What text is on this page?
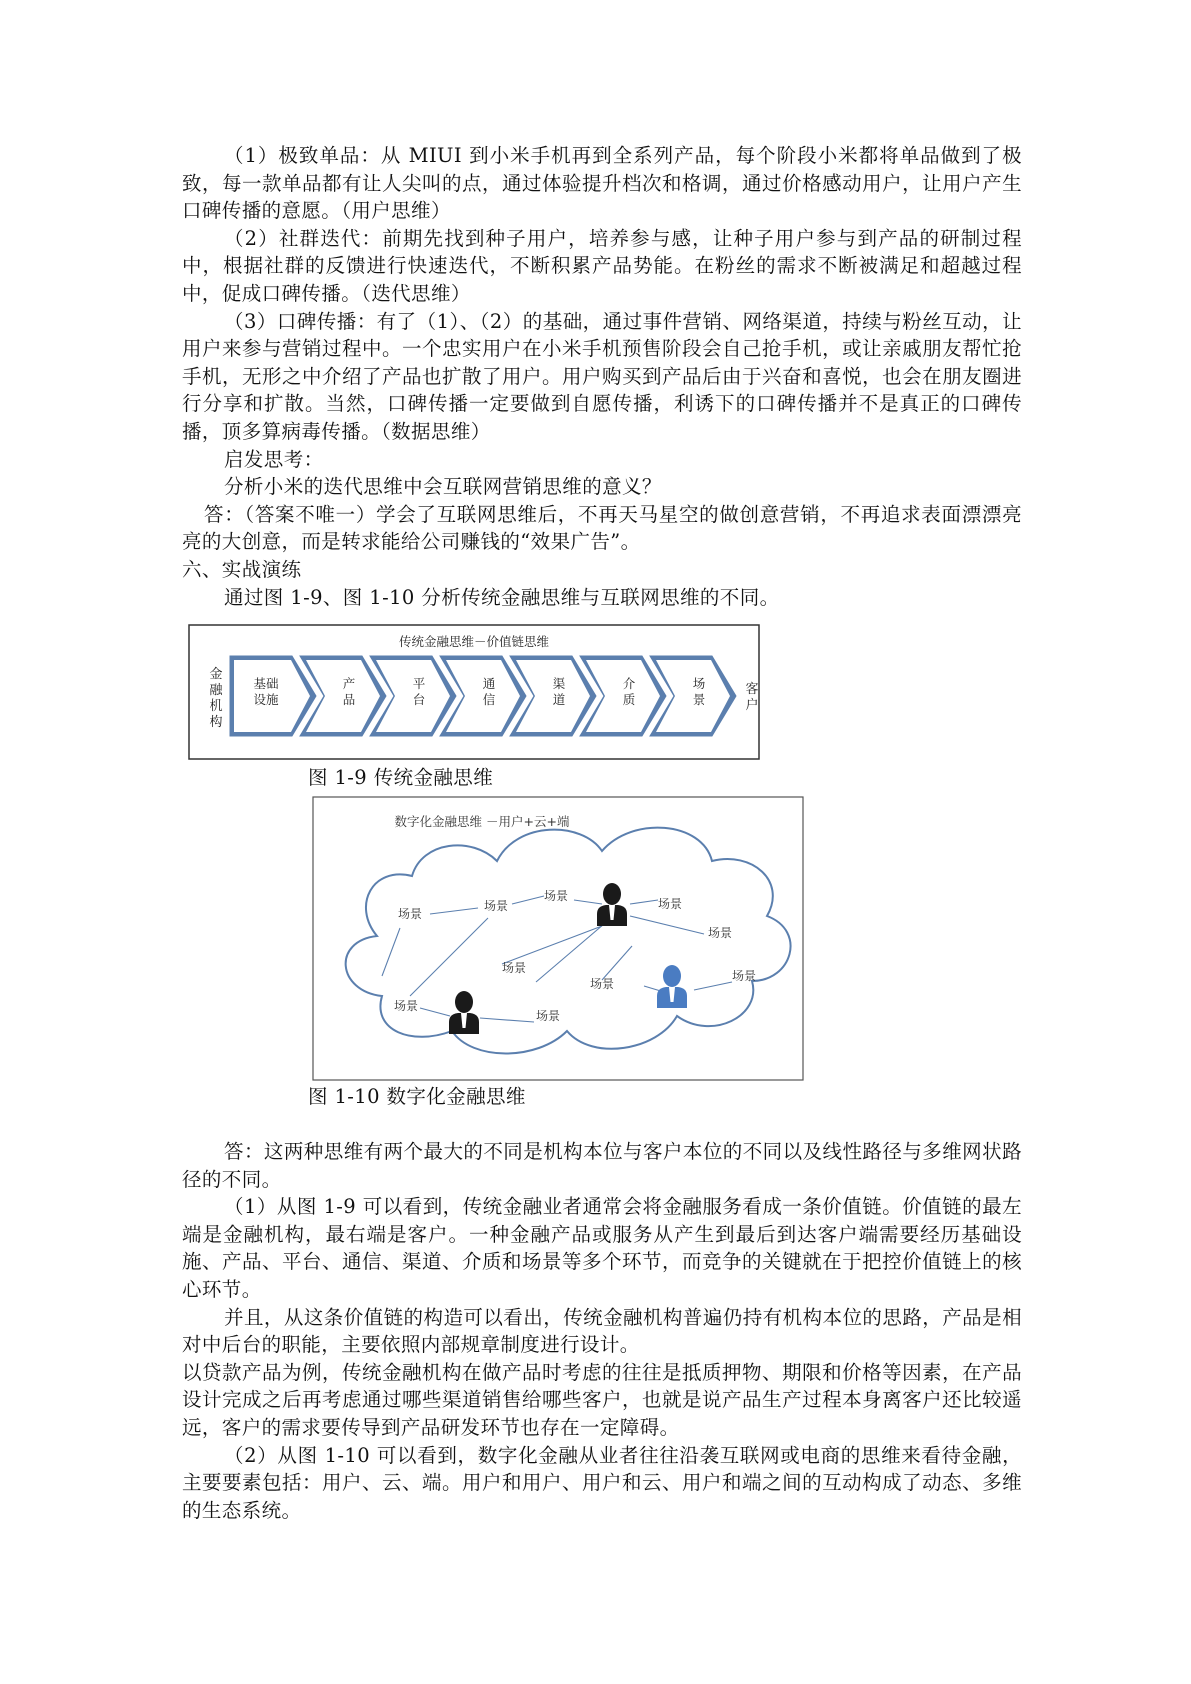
（1）极致单品：从 MIUI 到小米手机再到全系列产品，每个阶段小米都将单品做到了极致，每一款单品都有让人尖叫的点，通过体验提升档次和格调，通过价格感动用户，让用户产生口碑传播的意愿。（用户思维）

（2）社群迭代：前期先找到种子用户，培养参与感，让种子用户参与到产品的研制过程中，根据社群的反馈进行快速迭代，不断积累产品势能。在粉丝的需求不断被满足和超越过程中，促成口碑传播。（迭代思维）

（3）口碑传播：有了（1）、（2）的基础，通过事件营销、网络渠道，持续与粉丝互动，让用户来参与营销过程中。一个忠实用户在小米手机预售阶段会自己抢手机，或让亲戚朋友帮忙抢手机，无形之中介绍了产品也扩散了用户。用户购买到产品后由于兴奋和喜悦，也会在朋友圈进行分享和扩散。当然，口碑传播一定要做到自愿传播，利诱下的口碑传播并不是真正的口碑传播，顶多算病毒传播。（数据思维）

启发思考：

分析小米的迭代思维中会互联网营销思维的意义？

答：（答案不唯一）学会了互联网思维后，不再天马星空的做创意营销，不再追求表面漂漂亮亮的大创意，而是转求能给公司赚钱的“效果广告”。

六、实战演练

通过图 1-9、图 1-10 分析传统金融思维与互联网思维的不同。

传统金融思维－价值链思维
金
融
机
构
基础
设施
产
品
平
台
通
信
渠
道
介
质
场
景
客
户
图 1-9 传统金融思维
数字化金融思维 －用户+云+端
场景
场景
场景
场景
场景
场景
场景
场景
场景
场景
图 1-10 数字化金融思维

答：这两种思维有两个最大的不同是机构本位与客户本位的不同以及线性路径与多维网状路径的不同。

（1）从图 1-9 可以看到，传统金融业者通常会将金融服务看成一条价值链。价值链的最左端是金融机构，最右端是客户。一种金融产品或服务从产生到最后到达客户端需要经历基础设施、产品、平台、通信、渠道、介质和场景等多个环节，而竞争的关键就在于把控价值链上的核心环节。

并且，从这条价值链的构造可以看出，传统金融机构普遍仍持有机构本位的思路，产品是相对中后台的职能，主要依照内部规章制度进行设计。

以贷款产品为例，传统金融机构在做产品时考虑的往往是抵质押物、期限和价格等因素，在产品设计完成之后再考虑通过哪些渠道销售给哪些客户，也就是说产品生产过程本身离客户还比较遥远，客户的需求要传导到产品研发环节也存在一定障碍。

（2）从图 1-10 可以看到，数字化金融从业者往往沿袭互联网或电商的思维来看待金融，主要要素包括：用户、云、端。用户和用户、用户和云、用户和端之间的互动构成了动态、多维的生态系统。
